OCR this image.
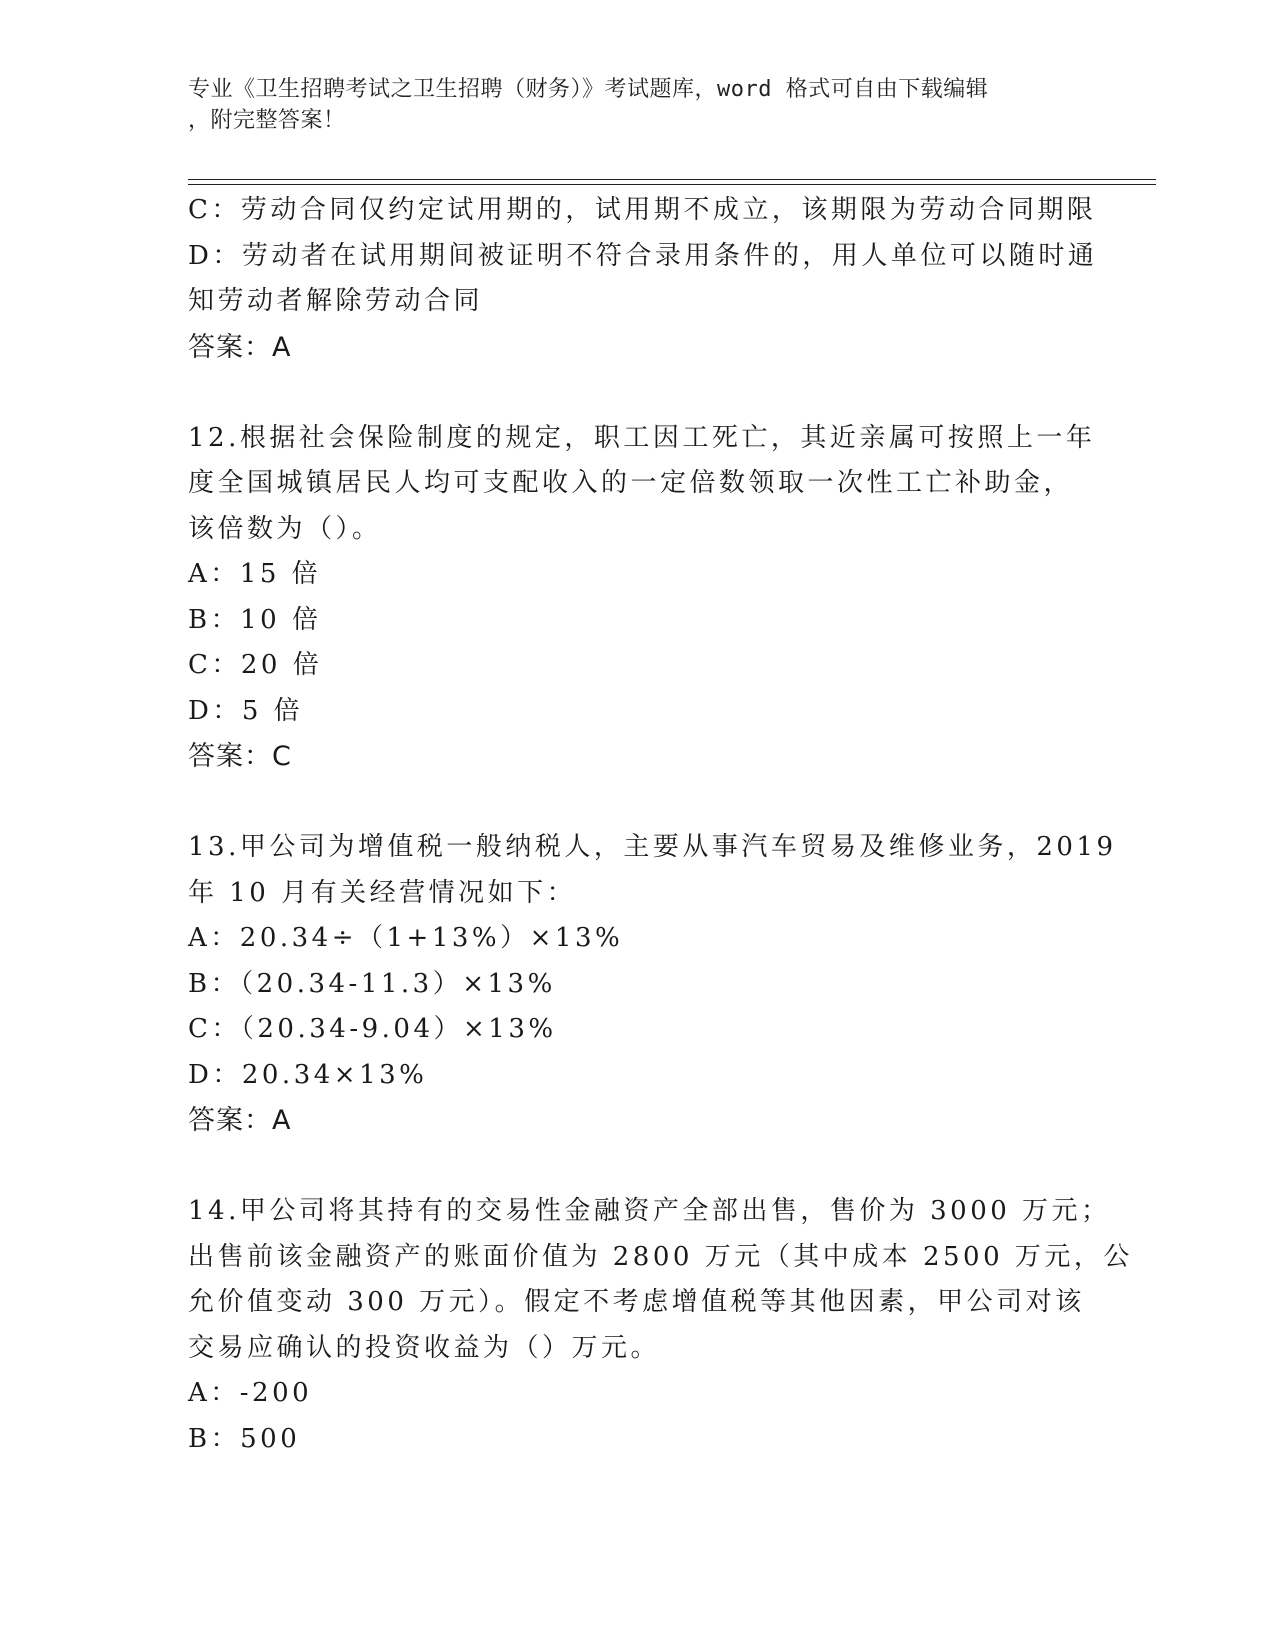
专业《卫生招聘考试之卫生招聘（财务）》考试题库，word 格式可自由下载编辑
，附完整答案！
C：劳动合同仅约定试用期的，试用期不成立，该期限为劳动合同期限
D：劳动者在试用期间被证明不符合录用条件的，用人单位可以随时通
知劳动者解除劳动合同
答案：A
12.根据社会保险制度的规定，职工因工死亡，其近亲属可按照上一年
度全国城镇居民人均可支配收入的一定倍数领取一次性工亡补助金，
该倍数为（）。
A：15 倍
B：10 倍
C：20 倍
D：5 倍
答案：C
13.甲公司为增值税一般纳税人，主要从事汽车贸易及维修业务，2019
年 10 月有关经营情况如下：
A：20.34÷（1+13%）×13%
B：（20.34-11.3）×13%
C：（20.34-9.04）×13%
D：20.34×13%
答案：A
14.甲公司将其持有的交易性金融资产全部出售，售价为 3000 万元；
出售前该金融资产的账面价值为 2800 万元（其中成本 2500 万元，公
允价值变动 300 万元）。假定不考虑增值税等其他因素，甲公司对该
交易应确认的投资收益为（）万元。
A：-200
B：500
